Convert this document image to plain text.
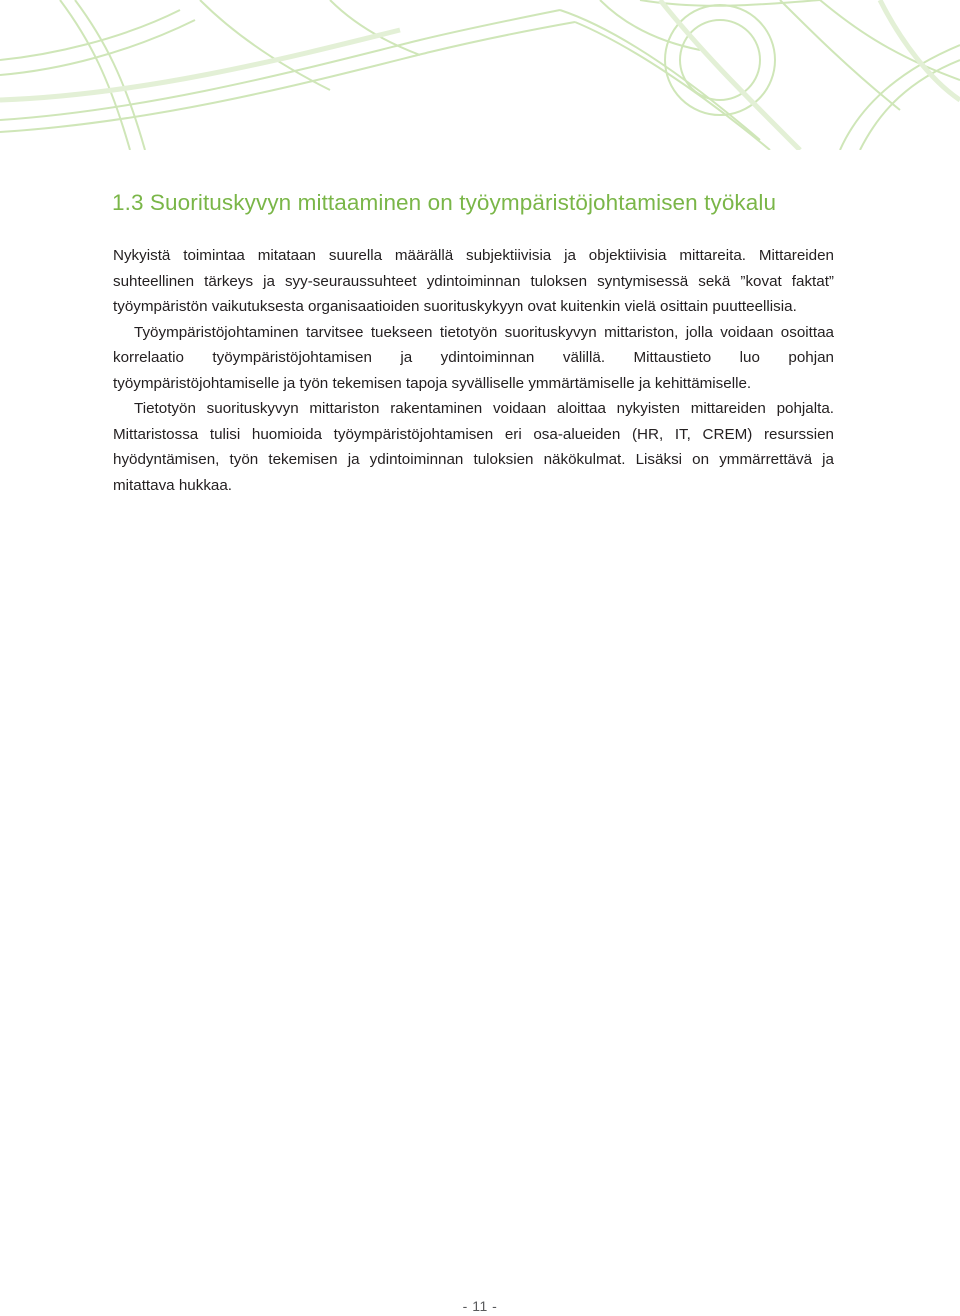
1.3 Suorituskyvyn mittaaminen on työympäristöjohtamisen työkalu

Nykyistä toimintaa mitataan suurella määrällä subjektiivisia ja objektiivisia mittareita. Mittareiden suhteellinen tärkeys ja syy-seuraussuhteet ydintoiminnan tuloksen syntymisessä sekä ”kovat faktat” työympäristön vaikutuksesta organisaatioiden suorituskykyyn ovat kuitenkin vielä osittain puutteellisia.

Työympäristöjohtaminen tarvitsee tuekseen tietotyön suorituskyvyn mittariston, jolla voidaan osoittaa korrelaatio työympäristöjohtamisen ja ydintoiminnan välillä. Mittaustieto luo pohjan työympäristöjohtamiselle ja työn tekemisen tapoja syvälliselle ymmärtämiselle ja kehittämiselle.

Tietotyön suorituskyvyn mittariston rakentaminen voidaan aloittaa nykyisten mittareiden pohjalta. Mittaristossa tulisi huomioida työympäristöjohtamisen eri osa-alueiden (HR, IT, CREM) resurssien hyödyntämisen, työn tekemisen ja ydintoiminnan tuloksien näkökulmat. Lisäksi on ymmärrettävä ja mitattava hukkaa.

- 11 -
